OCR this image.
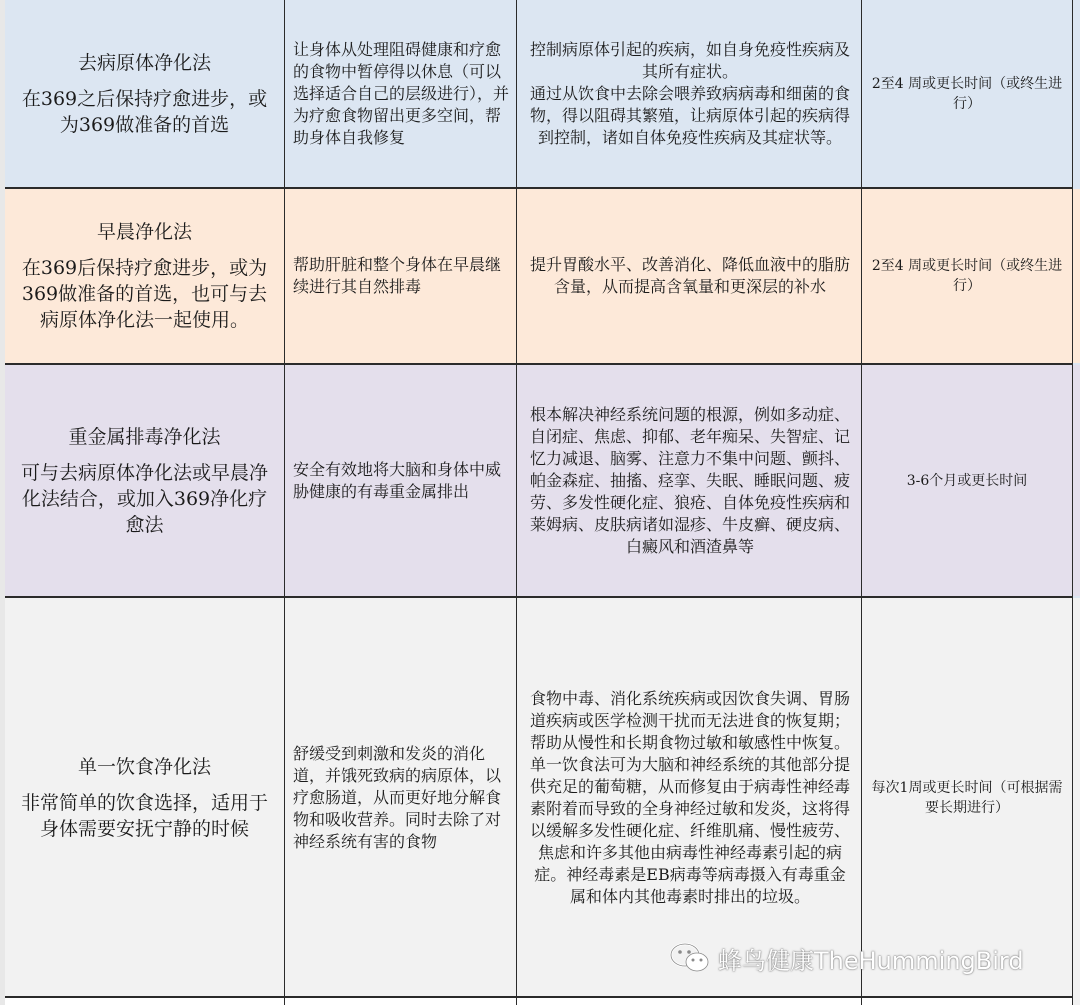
去病原体净化法
在369之后保持疗愈进步，或为369做准备的首选
让身体从处理阻碍健康和疗愈的食物中暂停得以休息（可以选择适合自己的层级进行），并为疗愈食物留出更多空间，帮助身体自我修复

控制病原体引起的疾病，如自身免疫性疾病及其所有症状。

通过从饮食中去除会喂养致病病毒和细菌的食物，得以阻碍其繁殖，让病原体引起的疾病得到控制，诸如自体免疫性疾病及其症状等。

2至4 周或更长时间（或终生进行）
早晨净化法
在369后保持疗愈进步，或为369做准备的首选，也可与去病原体净化法一起使用。
帮助肝脏和整个身体在早晨继续进行其自然排毒

提升胃酸水平、改善消化、降低血液中的脂肪含量，从而提高含氧量和更深层的补水

2至4 周或更长时间（或终生进行）
重金属排毒净化法
可与去病原体净化法或早晨净化法结合，或加入369净化疗愈法
安全有效地将大脑和身体中威胁健康的有毒重金属排出

根本解决神经系统问题的根源，例如多动症、自闭症、焦虑、抑郁、老年痴呆、失智症、记忆力减退、脑雾、注意力不集中问题、颤抖、帕金森症、抽搐、痉挛、失眠、睡眠问题、疲劳、多发性硬化症、狼疮、自体免疫性疾病和莱姆病、皮肤病诸如湿疹、牛皮癣、硬皮病、白癜风和酒渣鼻等

3-6个月或更长时间
单一饮食净化法
非常简单的饮食选择，适用于身体需要安抚宁静的时候
舒缓受到刺激和发炎的消化道，并饿死致病的病原体，以疗愈肠道，从而更好地分解食物和吸收营养。同时去除了对神经系统有害的食物

食物中毒、消化系统疾病或因饮食失调、胃肠道疾病或医学检测干扰而无法进食的恢复期；帮助从慢性和长期食物过敏和敏感性中恢复。

单一饮食法可为大脑和神经系统的其他部分提供充足的葡萄糖，从而修复由于病毒性神经毒素附着而导致的全身神经过敏和发炎，这将得以缓解多发性硬化症、纤维肌痛、慢性疲劳、焦虑和许多其他由病毒性神经毒素引起的病症。神经毒素是EB病毒等病毒摄入有毒重金属和体内其他毒素时排出的垃圾。

每次1周或更长时间（可根据需要长期进行）
蜂鸟健康TheHummingBird
